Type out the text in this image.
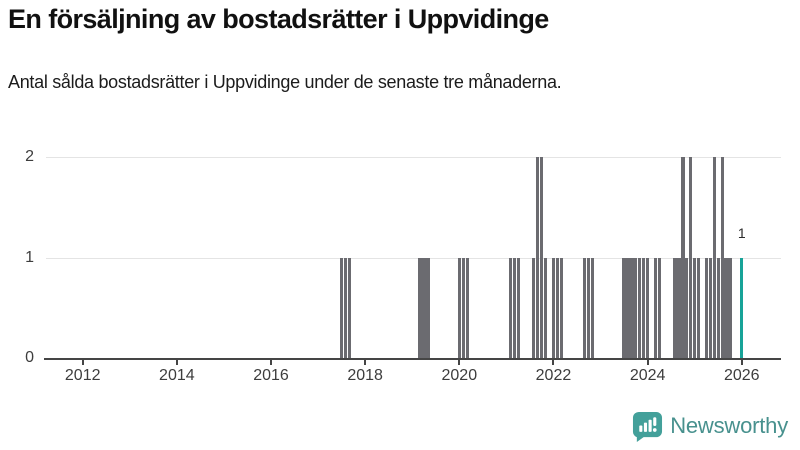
En försäljning av bostadsrätter i Uppvidinge

Antal sålda bostadsrätter i Uppvidinge under de senaste tre månaderna.

0
1
2
1
2012	2014	2016	2018	2020	2022	2024	2026
Newsworthy
